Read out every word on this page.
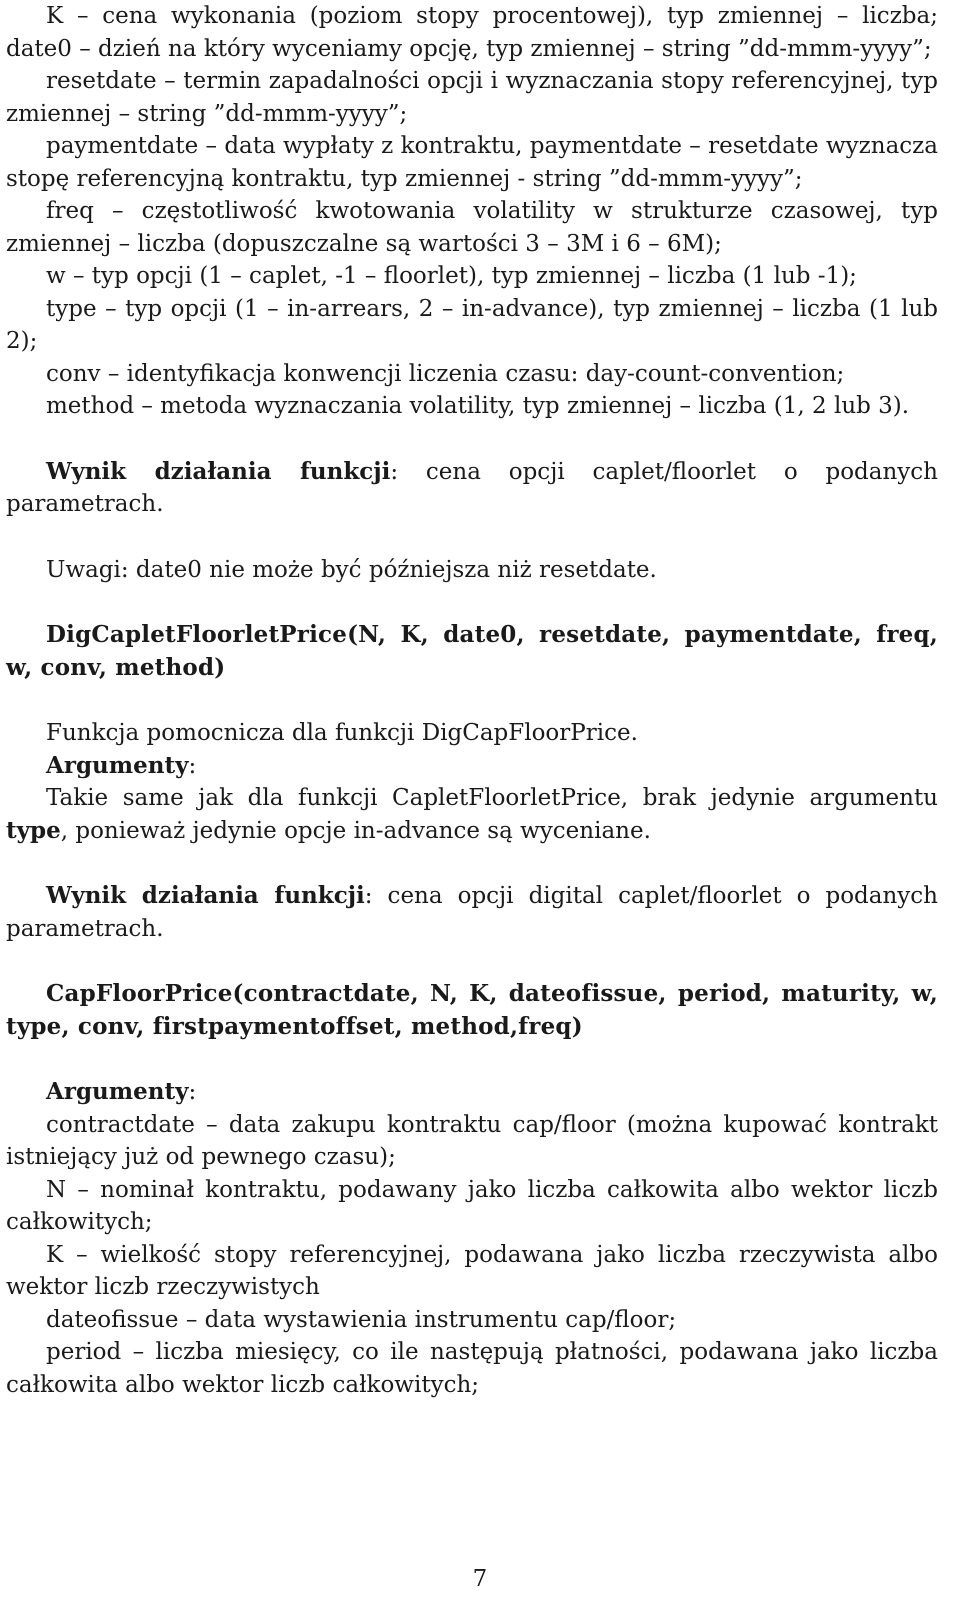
K – cena wykonania (poziom stopy procentowej), typ zmiennej – liczba; date0 – dzień na który wyceniamy opcję, typ zmiennej – string ”dd-mmm-yyyy”;

resetdate – termin zapadalności opcji i wyznaczania stopy referencyjnej, typ zmiennej – string ”dd-mmm-yyyy”;

paymentdate – data wypłaty z kontraktu, paymentdate – resetdate wyznacza stopę referencyjną kontraktu, typ zmiennej - string ”dd-mmm-yyyy”;

freq – częstotliwość kwotowania volatility w strukturze czasowej, typ zmiennej – liczba (dopuszczalne są wartości 3 – 3M i 6 – 6M);

w – typ opcji (1 – caplet, -1 – floorlet), typ zmiennej – liczba (1 lub -1);

type – typ opcji (1 – in-arrears, 2 – in-advance), typ zmiennej – liczba (1 lub 2);

conv – identyfikacja konwencji liczenia czasu: day-count-convention;

method – metoda wyznaczania volatility, typ zmiennej – liczba (1, 2 lub 3).

Wynik działania funkcji: cena opcji caplet/floorlet o podanych parametrach.

Uwagi: date0 nie może być późniejsza niż resetdate.

DigCapletFloorletPrice(N, K, date0, resetdate, paymentdate, freq, w, conv, method)

Funkcja pomocnicza dla funkcji DigCapFloorPrice.

Argumenty:

Takie same jak dla funkcji CapletFloorletPrice, brak jedynie argumentu type, ponieważ jedynie opcje in-advance są wyceniane.

Wynik działania funkcji: cena opcji digital caplet/floorlet o podanych parametrach.

CapFloorPrice(contractdate, N, K, dateofissue, period, maturity, w, type, conv, firstpaymentoffset, method,freq)

Argumenty:

contractdate – data zakupu kontraktu cap/floor (można kupować kontrakt istniejący już od pewnego czasu);

N – nominał kontraktu, podawany jako liczba całkowita albo wektor liczb całkowitych;

K – wielkość stopy referencyjnej, podawana jako liczba rzeczywista albo wektor liczb rzeczywistych

dateofissue – data wystawienia instrumentu cap/floor;

period – liczba miesięcy, co ile następują płatności, podawana jako liczba całkowita albo wektor liczb całkowitych;

7
